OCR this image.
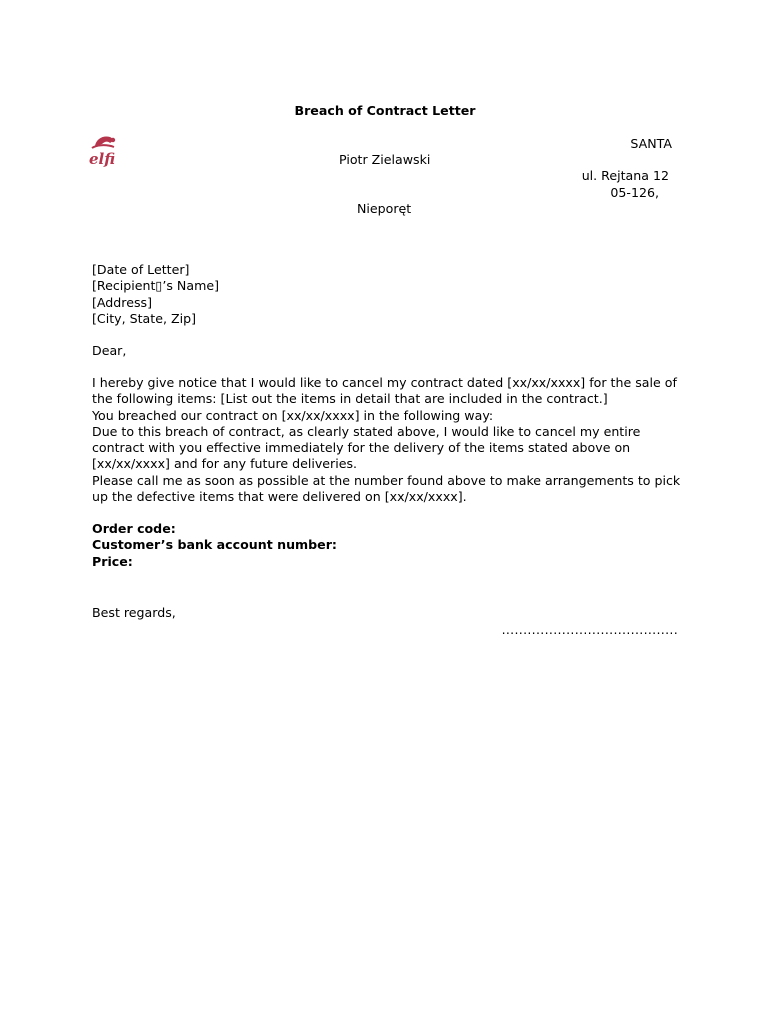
Breach of Contract Letter
elfi
SANTA
Piotr Zielawski
ul. Rejtana 12
05-126,
Nieporęt
[Date of Letter]
[Recipient▯’s Name]
[Address]
[City, State, Zip]
Dear,

I hereby give notice that I would like to cancel my contract dated [xx/xx/xxxx] for the sale of the following items: [List out the items in detail that are included in the contract.]

You breached our contract on [xx/xx/xxxx] in the following way:

Due to this breach of contract, as clearly stated above, I would like to cancel my entire contract with you effective immediately for the delivery of the items stated above on [xx/xx/xxxx] and for any future deliveries.

Please call me as soon as possible at the number found above to make arrangements to pick up the defective items that were delivered on [xx/xx/xxxx].

Order code:
Customer’s bank account number:
Price:
Best regards,
.........................................
